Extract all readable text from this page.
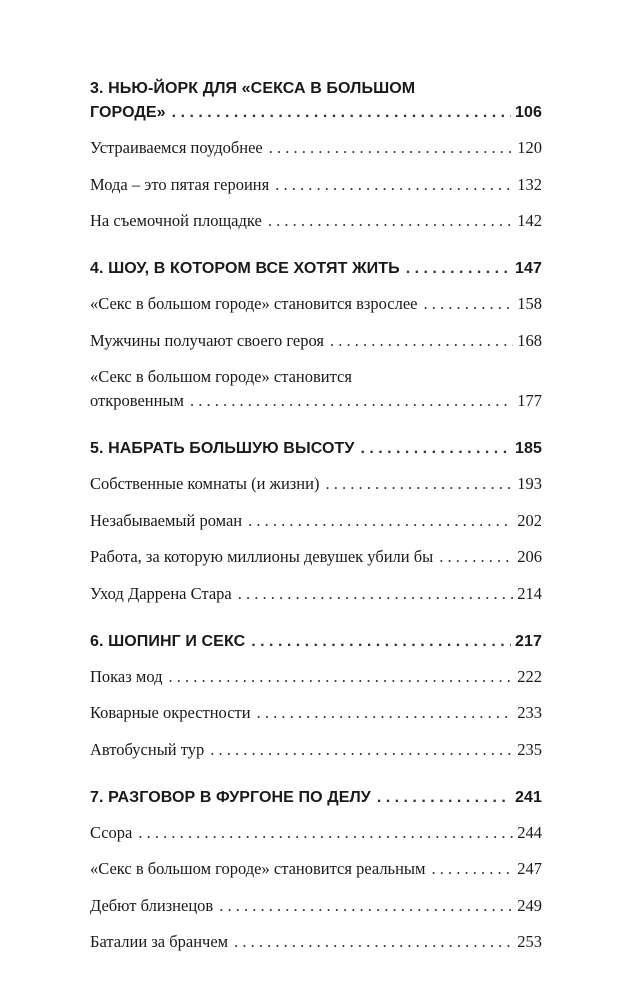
3. НЬЮ-ЙОРК ДЛЯ «СЕКСА В БОЛЬШОМ
ГОРОДЕ» . . .	106
Устраиваемся поудобнее . . .	120
Мода – это пятая героиня . . .	132
На съемочной площадке . . .	142
4. ШОУ, В КОТОРОМ ВСЕ ХОТЯТ ЖИТЬ . . .	147
«Секс в большом городе» становится взрослее . . .	158
Мужчины получают своего героя . . .	168
«Секс в большом городе» становится
откровенным . . .	177
5. НАБРАТЬ БОЛЬШУЮ ВЫСОТУ . . .	185
Собственные комнаты (и жизни) . . .	193
Незабываемый роман . . .	202
Работа, за которую миллионы девушек убили бы . . .	206
Уход Даррена Стара . . .	214
6. ШОПИНГ И СЕКС . . .	217
Показ мод . . .	222
Коварные окрестности . . .	233
Автобусный тур . . .	235
7. РАЗГОВОР В ФУРГОНЕ ПО ДЕЛУ . . .	241
Ссора . . .	244
«Секс в большом городе» становится реальным . . .	247
Дебют близнецов . . .	249
Баталии за бранчем . . .	253
